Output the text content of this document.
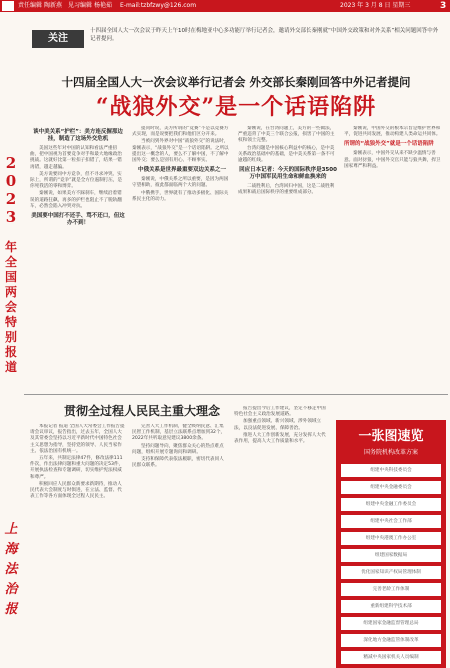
责任编辑 陶新燕 见习编辑 杨艳茹 E-mail:tzbfzwy@126.com	2023 年 3 月 8 日 星期三	3
2
0
2
3
年
全
国
两
会
特
别
报
道
上
海
法
治
报
关注
十四届全国人大一次会议于昨天上午10时在梅地亚中心多功能厅举行记者会，邀请外交部长秦刚就“中国外交政策和对外关系”相关问题回答中外记者提问。
十四届全国人大一次会议举行记者会 外交部长秦刚回答中外记者提问
“战狼外交”是一个话语陷阱
谈中美关系“护栏”：美方连反握那边挂，制造了这场外交危机

美国这些年对中国的认知和看法严重扭曲，把中国视为首要竞争对手和最大地缘政治挑战。这就好比第一粒扣子扣错了，结果一错再错，越走越偏。

美方说要同中方竞争，但不寻求冲突。实际上，所谓的“竞争”就是全方位遏制打压，是你死我活的零和博弈。

秦刚说，如果美方不踩刹车，继续沿着错误的道路狂飙，再多的护栏也阻止不了脱轨翻车，必然会陷入冲突对抗。

美国要中国打不还手、骂不还口，但这办不到！

提问时说，美方所谓的“竞赛”不是以竞赛方式实现，而是说要把我们和他们区分开来。

当被问到外界对中国“战狼外交”的说法时，秦刚表示，“战狼外交”是一个话语陷阱。之所以提出这一概念的人，要么不了解中国，不了解中国外交；要么是别有用心、不顾事实。

中俄关系是世界最重要双边关系之一

秦刚说，中俄关系之所以重要，是因为两国守望相助，彼此都面临两个大的问题。

中俄携手，世界就有了推动多极化、国际关系民主化的动力。

秦刚说，在台湾问题上，美方的一些做法，严重违背了中美三个联合公报，损害了中国的主权和领土完整。

台湾问题是中国核心利益中的核心，是中美关系政治基础中的基础，是中美关系第一条不可逾越的红线。

回应日本记者：今天的国际秩序是3500万中国军民用生命和鲜血换来的

二战胜利后，台湾回归中国，这是二战胜利成果和战后国际秩序的重要组成部分。

秦刚说，中国外交的根本宗旨是维护世界和平，促进共同发展，推动构建人类命运共同体。

所谓的“战狼外交”就是一个话语陷阱

秦刚表示，中国外交从来不缺少温情与善意。面对豺狼，中国外交官只能与狼共舞，捍卫国家尊严和利益。

贯彻全过程人民民主重大理念

本报记者 报道 全国人大常委会工作报告提请会议审议，报告指出，过去五年，全国人大及其常委会坚持以习近平新时代中国特色社会主义思想为指导，坚持党的领导、人民当家作主、依法治国有机统一。

五年来，共制定法律47件，修改法律111件次，作出法律问题和重大问题的决定53件，开展执法检查和专题调研，切实维护宪法权威和尊严。

积极回应人民群众新要求新期待，推动人民代表大会制度与时俱进，在立法、监督、代表工作等各方面体现全过程人民民主。

完善人大工作机制，健全吸纳民意、汇集民智工作机制，基层立法联系点增加到32个，2022年共听取意见建议3800余条。

坚持问题导向，聚焦群众关心的热点难点问题，组织开展专题询问和调研。

支持和保障代表依法履职，密切代表同人民群众联系。

报告提出今后工作建议，坚定不移走中国特色社会主义政治发展道路。

加强重点领域、新兴领域、涉外领域立法，以良法促进发展、保障善治。

推进人大工作创新发展，充分发挥人大代表作用，提高人大工作质量和水平。	一张图速览
国务院机构改革方案
组建中央科技委员会
组建中央金融委员会
组建中央金融工作委员会
组建中央社会工作部
组建中央港澳工作办公室
组建国家数据局
优化国家知识产权局管理体制
完善老龄工作体制
重新组建科学技术部
组建国家金融监督管理总局
深化地方金融监管体制改革
精减中央国家机关人员编制
